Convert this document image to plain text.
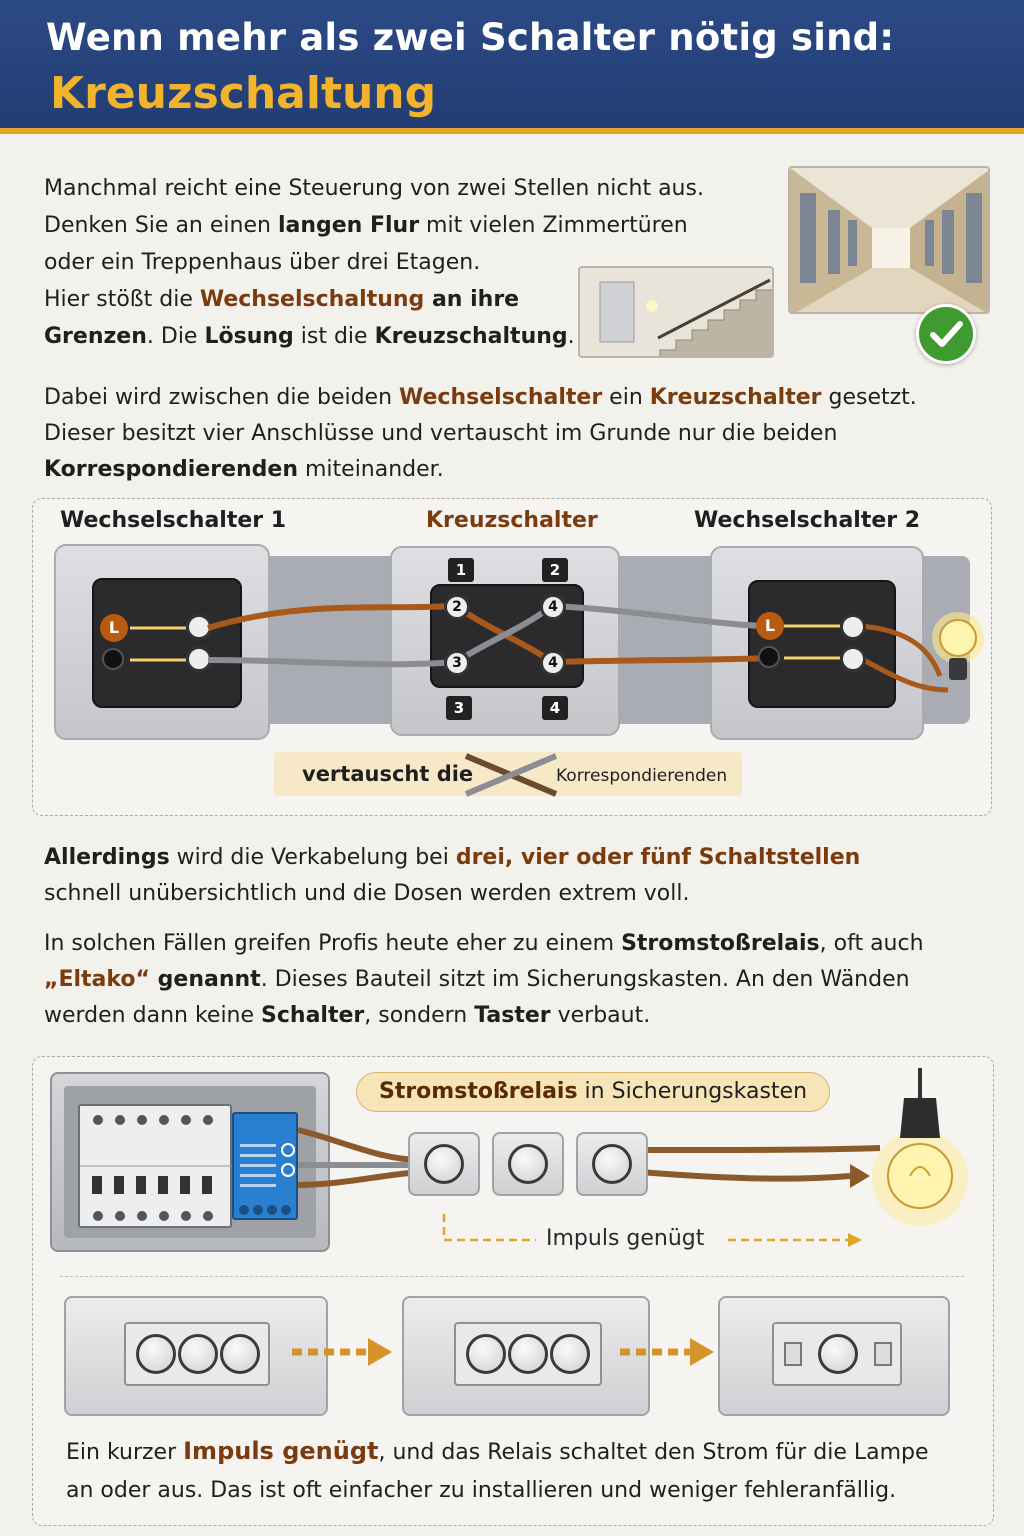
Wenn mehr als zwei Schalter nötig sind:
Kreuzschaltung
Manchmal reicht eine Steuerung von zwei Stellen nicht aus.
Denken Sie an einen langen Flur mit vielen Zimmertüren
oder ein Treppenhaus über drei Etagen.
Hier stößt die Wechselschaltung an ihre
Grenzen. Die Lösung ist die Kreuzschaltung.
Dabei wird zwischen die beiden Wechselschalter ein Kreuzschalter gesetzt.
Dieser besitzt vier Anschlüsse und vertauscht im Grunde nur die beiden
Korrespondierenden miteinander.
Wechselschalter 1	Kreuzschalter	Wechselschalter 2
L
1	2
3	4
2
3
4
4
L
vertauscht die	Korrespondierenden
Allerdings wird die Verkabelung bei drei, vier oder fünf Schaltstellen
schnell unübersichtlich und die Dosen werden extrem voll.
In solchen Fällen greifen Profis heute eher zu einem Stromstoßrelais, oft auch
„Eltako“ genannt. Dieses Bauteil sitzt im Sicherungskasten. An den Wänden
werden dann keine Schalter, sondern Taster verbaut.
Stromstoßrelais in Sicherungskasten
Impuls genügt
Ein kurzer Impuls genügt, und das Relais schaltet den Strom für die Lampe
an oder aus. Das ist oft einfacher zu installieren und weniger fehleranfällig.
